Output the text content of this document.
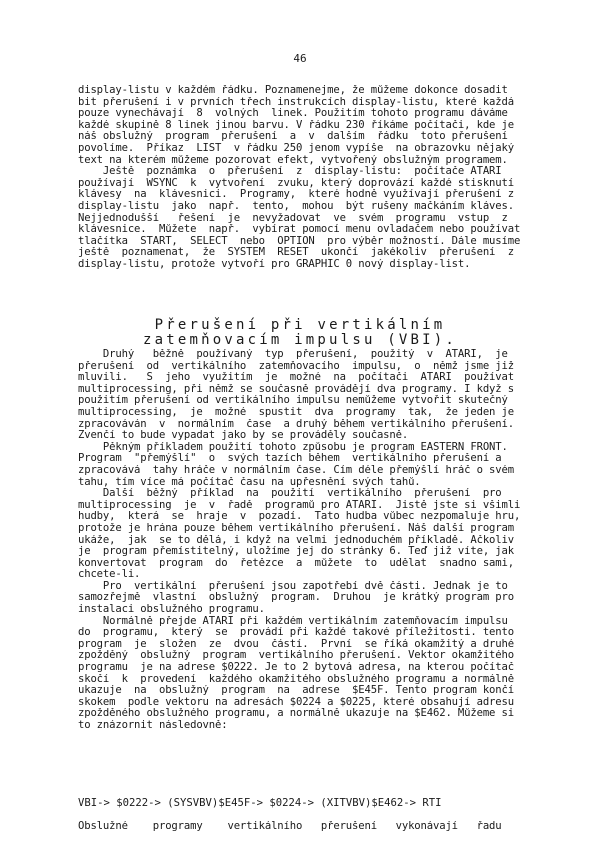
46
display-listu v každém řádku. Poznamenejme, že můžeme dokonce dosadit
bit přerušení i v prvních třech instrukcích display-listu, které každá
pouze vynechávají  8  volných  linek. Použitím tohoto programu dáváme
každé skupině 8 linek jinou barvu. V řádku 230 říkáme počítači, kde je
náš obslužný  program  přerušení  a  v  dalším  řádku  toto přerušení
povolíme.  Příkaz  LIST  v řádku 250 jenom vypíše  na obrazovku nějaký
text na kterém můžeme pozorovat efekt, vytvořený obslužným programem.
Ještě  poznámka  o  přerušení  z  display-listu:  počítače ATARI
používají  WSYNC  k  vytvoření  zvuku, který doprovází každé stisknutí
klávesy  na  klávesnici.  Programy,  které hodně využívají přerušení z
display-listu  jako  např.  tento,  mohou  být rušeny mačkáním kláves.
Nejjednodušší   řešení  je  nevyžadovat  ve  svém  programu  vstup  z
klávesnice.  Můžete  např.  vybírat pomocí menu ovladačem nebo používat
tlačítka  START,  SELECT  nebo  OPTION  pro výběr možností. Dále musíme
ještě  poznamenat,  že  SYSTEM  RESET  ukončí  jakékoliv  přerušení  z
display-listu, protože vytvoří pro GRAPHIC 0 nový display-list.
Přerušení při vertikálním
zatemňovacím impulsu (VBI).
Druhý   běžně  používaný  typ  přerušení,  použitý  v  ATARI,  je
přerušení  od  vertikálního  zatemňovacího  impulsu,  o  němž jsme již
mluvili.   S  jeho  využitím  je  možné  na  počítači  ATARI  používat
multiprocessing, při němž se současně provádějí dva programy. I když s
použitím přerušení od vertikálního impulsu nemůžeme vytvořit skutečný
multiprocessing,  je  možné  spustit  dva  programy  tak,  že jeden je
zpracováván  v  normálním  čase  a druhý během vertikálního přerušení.
Zvenčí to bude vypadat jako by se prováděly současně.
Pěkným příkladem použití tohoto způsobu je program EASTERN FRONT.
Program  "přemýšlí"  o  svých tazích během  vertikálního přerušení a
zpracovává  tahy hráče v normálním čase. Čím déle přemýšlí hráč o svém
tahu, tím více má počítač času na upřesnění svých tahů.
Další  běžný  příklad  na  použití  vertikálního  přerušení  pro
multiprocessing  je  v  řadě  programů pro ATARI.  Jistě jste si všimli
hudby,  která  se  hraje  v  pozadí.  Tato hudba vůbec nezpomaluje hru,
protože je hrána pouze během vertikálního přerušení. Náš další program
ukáže,  jak  se to dělá, i když na velmi jednoduchém příkladě. Ačkoliv
je  program přemístitelný, uložíme jej do stránky 6. Teď již víte, jak
konvertovat  program  do  řetězce  a  můžete  to  udělat  snadno sami,
chcete-li.
Pro  vertikální  přerušení jsou zapotřebí dvě části. Jednak je to
samozřejmě  vlastní  obslužný  program.  Druhou  je krátký program pro
instalaci obslužného programu.
Normálně přejde ATARI při každém vertikálním zatemňovacím impulsu
do  programu,  který  se  provádí při každé takové příležitosti. tento
program  je  složen  ze  dvou  částí.  První  se říká okamžitý a druhé
zpožděný  obslužný  program  vertikálního přerušení. Vektor okamžitého
programu  je na adrese $0222. Je to 2 bytová adresa, na kterou počítač
skočí  k  provedení  každého okamžitého obslužného programu a normálně
ukazuje  na  obslužný  program  na  adrese  $E45F. Tento program končí
skokem  podle vektoru na adresách $0224 a $0225, které obsahují adresu
zpožděného obslužného programu, a normálně ukazuje na $E462. Můžeme si
to znázornit následovně:
VBI-> $0222-> (SYSVBV)$E45F-> $0224-> (XITVBV)$E462-> RTI
Obslužné    programy    vertikálního   přerušení   vykonávají   řadu
